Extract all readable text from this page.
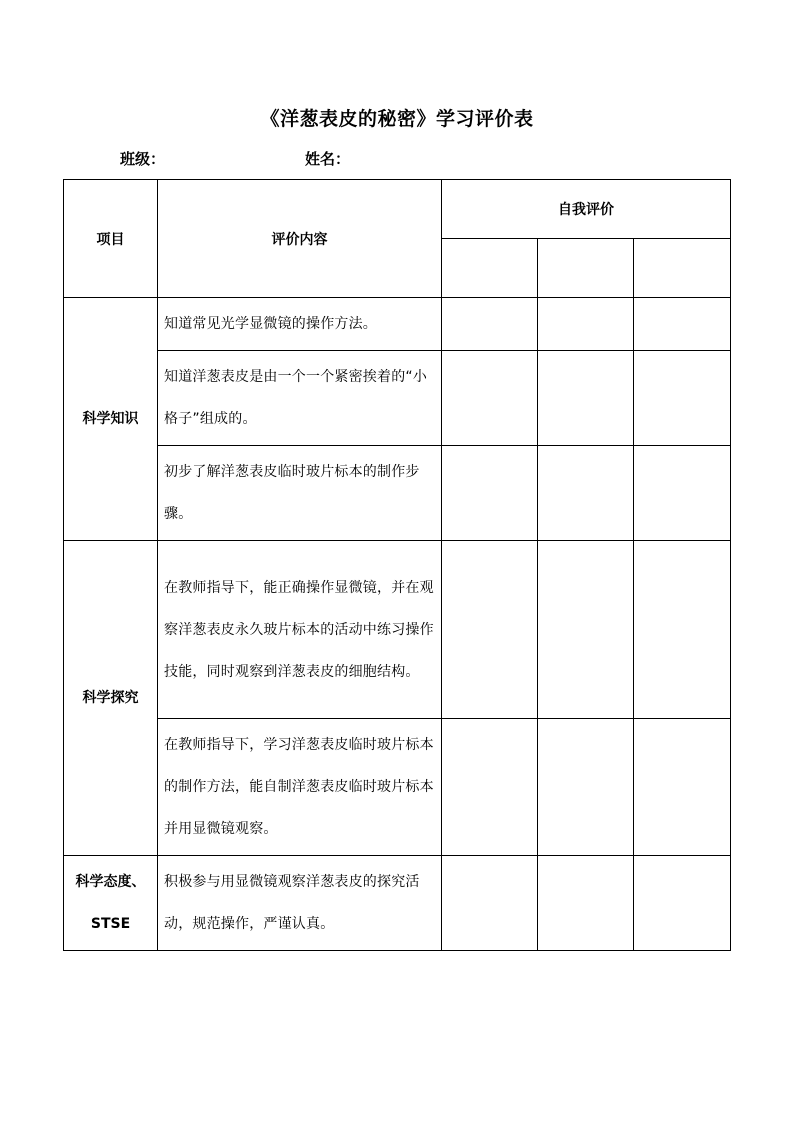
《洋葱表皮的秘密》学习评价表
班级：	姓名：
项目	评价内容	自我评价		

科学知识	知道常见光学显微镜的操作方法。			
	知道洋葱表皮是由一个一个紧密挨着的“小格子”组成的。			
	初步了解洋葱表皮临时玻片标本的制作步骤。			
科学探究	在教师指导下，能正确操作显微镜，并在观察洋葱表皮永久玻片标本的活动中练习操作技能，同时观察到洋葱表皮的细胞结构。			
	在教师指导下，学习洋葱表皮临时玻片标本的制作方法，能自制洋葱表皮临时玻片标本并用显微镜观察。			
科学态度、STSE	积极参与用显微镜观察洋葱表皮的探究活动，规范操作，严谨认真。			
